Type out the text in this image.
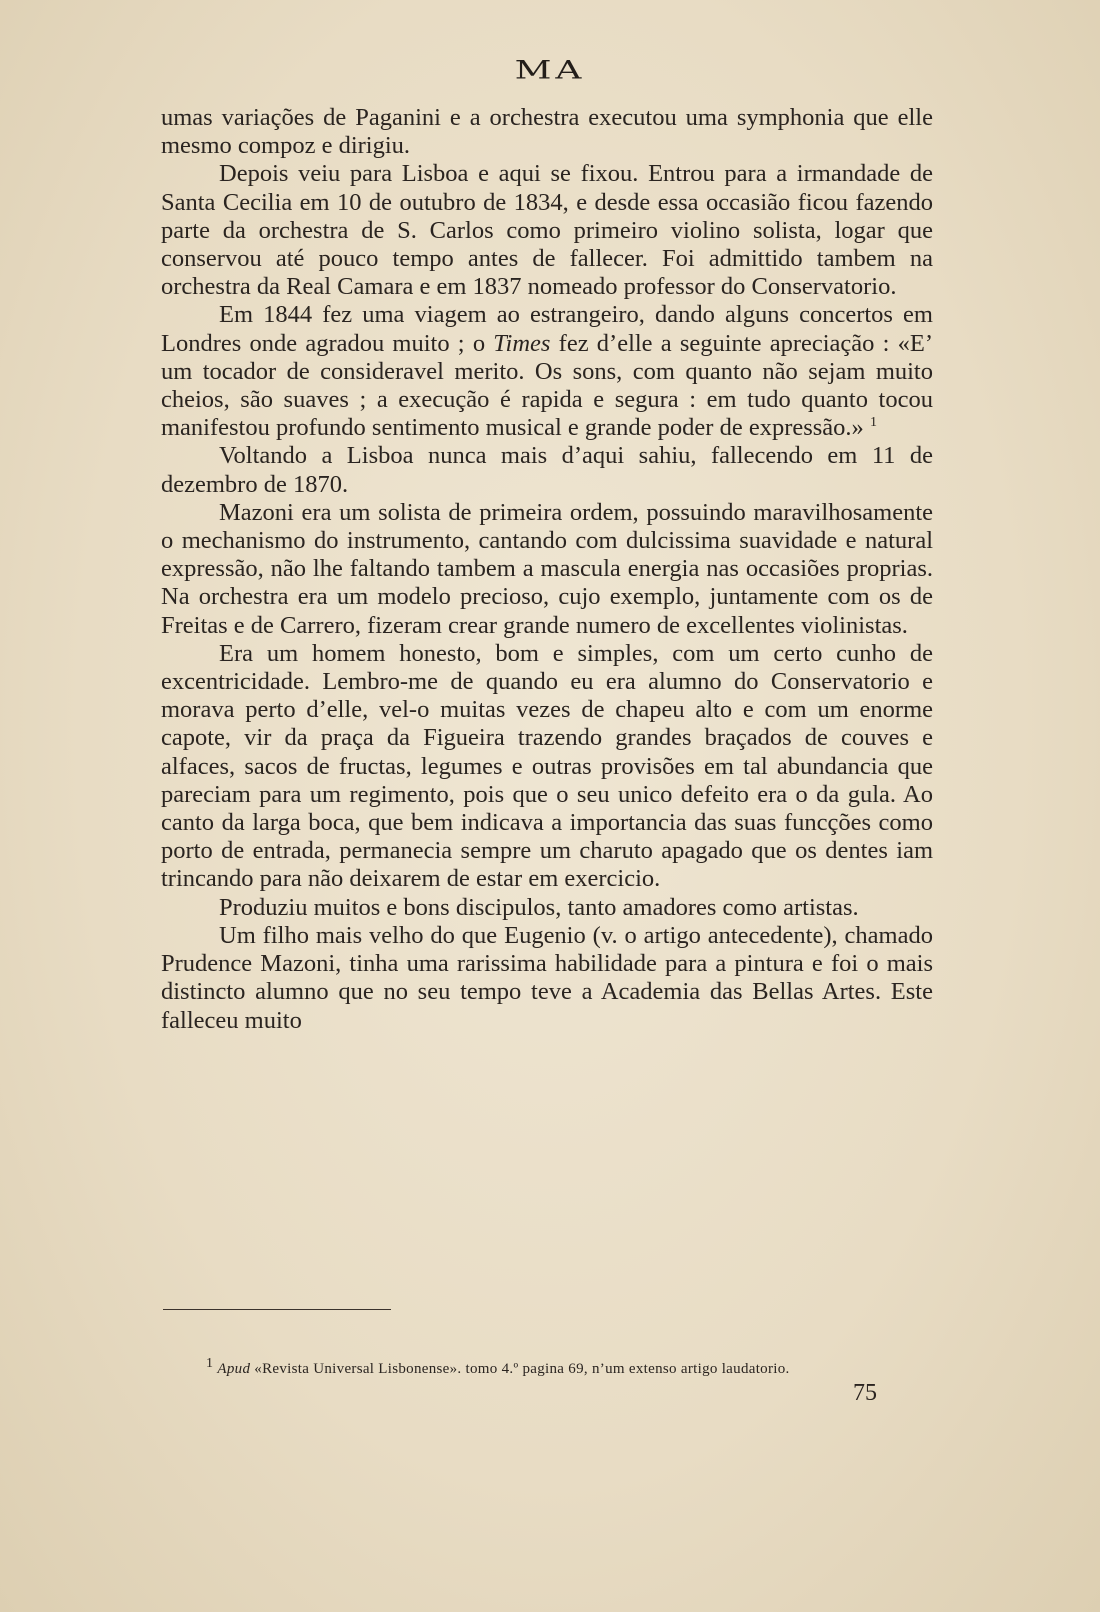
MA

umas variações de Paganini e a orchestra executou uma symphonia que elle mesmo compoz e dirigiu.

Depois veiu para Lisboa e aqui se fixou. Entrou para a irmandade de Santa Cecilia em 10 de outubro de 1834, e desde essa occasião ficou fazendo parte da orchestra de S. Carlos como primeiro violino solista, logar que conservou até pouco tempo antes de fallecer. Foi admittido tambem na orchestra da Real Camara e em 1837 nomeado professor do Conservatorio.

Em 1844 fez uma viagem ao estrangeiro, dando alguns concertos em Londres onde agradou muito ; o Times fez d’elle a seguinte apreciação : «E’ um tocador de consideravel merito. Os sons, com quanto não sejam muito cheios, são suaves ; a execução é rapida e segura : em tudo quanto tocou manifestou profundo sentimento musical e grande poder de expressão.» $^1$

Voltando a Lisboa nunca mais d’aqui sahiu, fallecendo em 11 de dezembro de 1870.

Mazoni era um solista de primeira ordem, possuindo maravilhosamente o mechanismo do instrumento, cantando com dulcissima suavidade e natural expressão, não lhe faltando tambem a mascula energia nas occasiões proprias. Na orchestra era um modelo precioso, cujo exemplo, juntamente com os de Freitas e de Carrero, fizeram crear grande numero de excellentes violinistas.

Era um homem honesto, bom e simples, com um certo cunho de excentricidade. Lembro-me de quando eu era alumno do Conservatorio e morava perto d’elle, vel-o muitas vezes de chapeu alto e com um enorme capote, vir da praça da Figueira trazendo grandes braçados de couves e alfaces, sacos de fructas, legumes e outras provisões em tal abundancia que pareciam para um regimento, pois que o seu unico defeito era o da gula. Ao canto da larga boca, que bem indicava a importancia das suas funcções como porto de entrada, permanecia sempre um charuto apagado que os dentes iam trincando para não deixarem de estar em exercicio.

Produziu muitos e bons discipulos, tanto amadores como artistas.

Um filho mais velho do que Eugenio (v. o artigo antecedente), chamado Prudence Mazoni, tinha uma rarissima habilidade para a pintura e foi o mais distincto alumno que no seu tempo teve a Academia das Bellas Artes. Este falleceu muito

$^1$ Apud «Revista Universal Lisbonense». tomo 4.º pagina 69, n’um extenso artigo laudatorio.
75
